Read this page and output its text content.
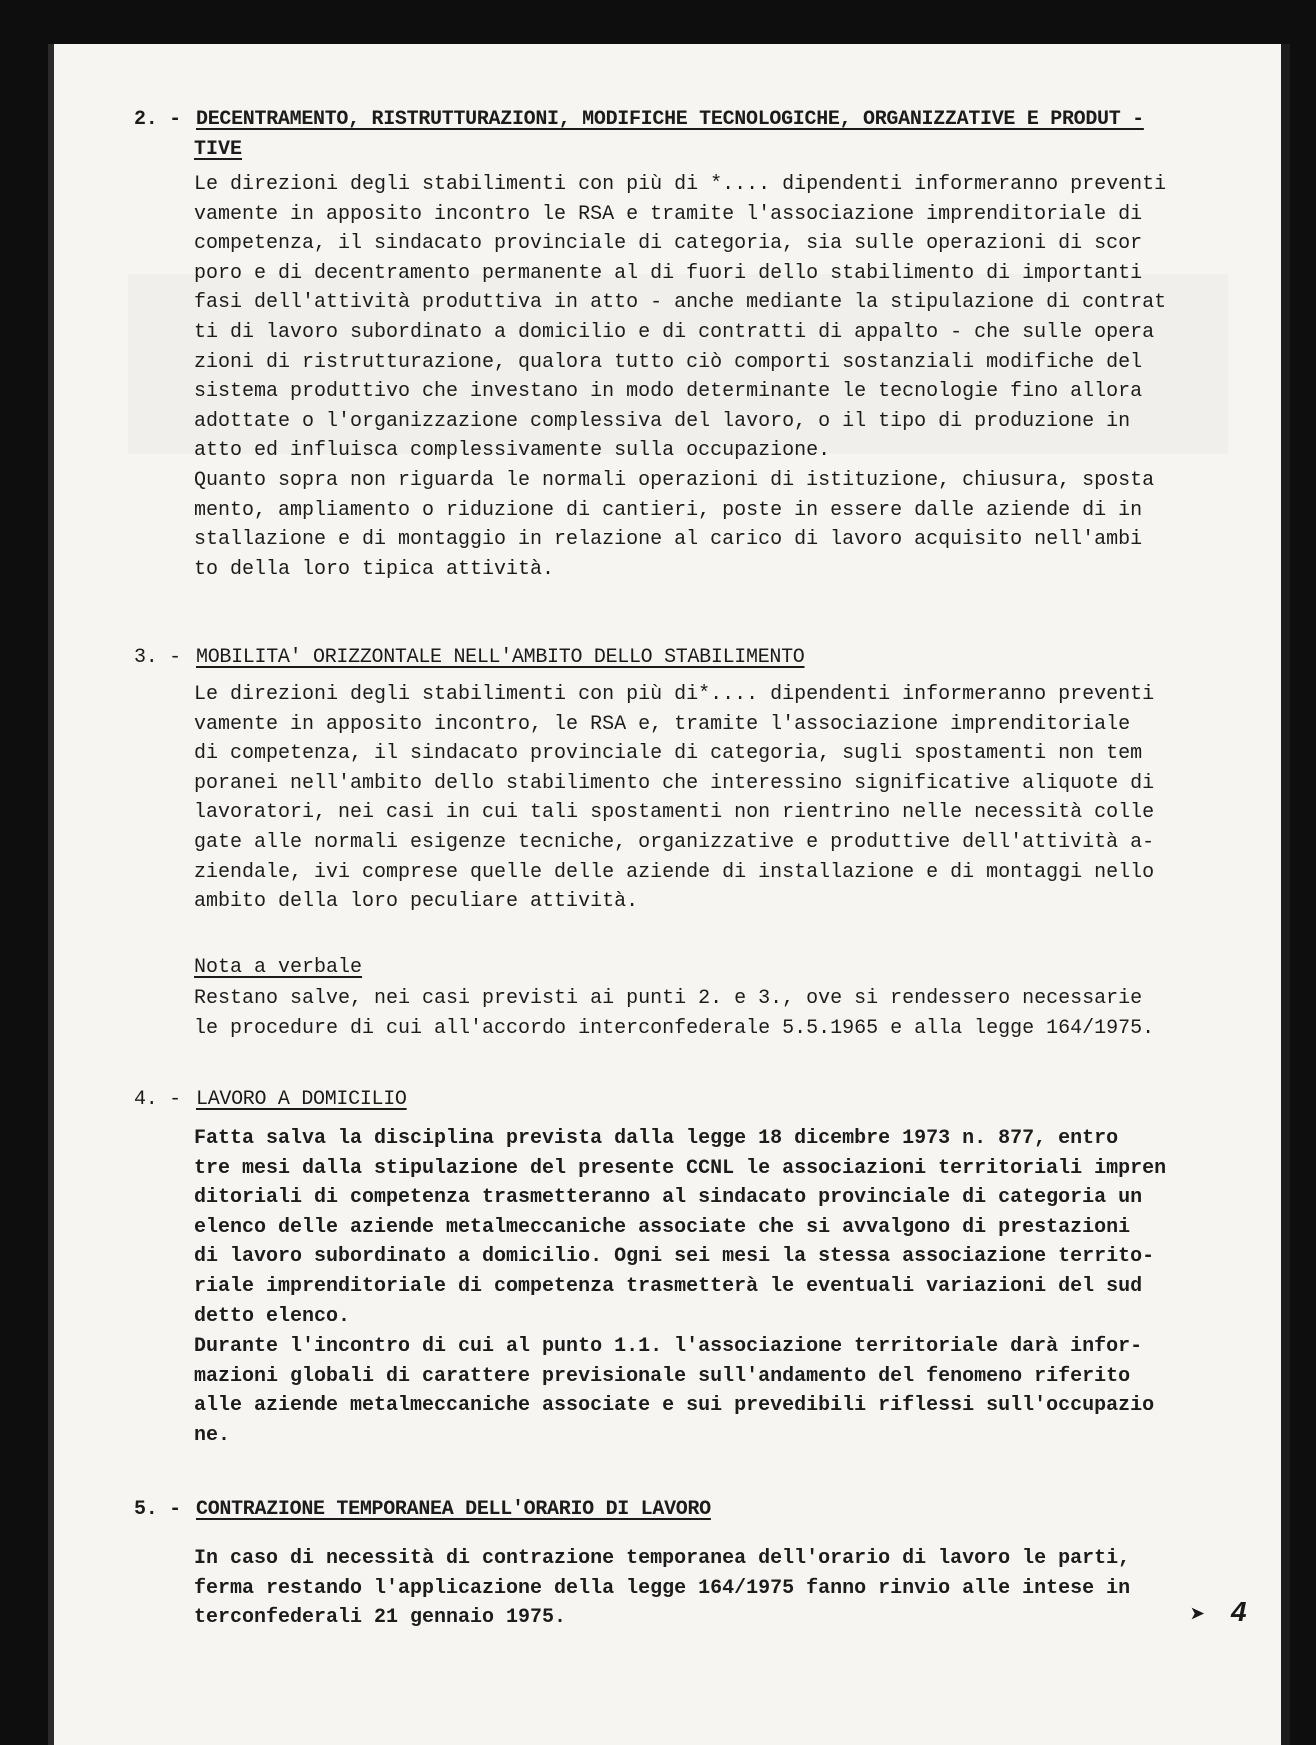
2. - DECENTRAMENTO, RISTRUTTURAZIONI, MODIFICHE TECNOLOGICHE, ORGANIZZATIVE E PRODUT -
TIVE
Le direzioni degli stabilimenti con più di *.... dipendenti informeranno preventi
vamente in apposito incontro le RSA e tramite l'associazione imprenditoriale di
competenza, il sindacato provinciale di categoria, sia sulle operazioni di scor
poro e di decentramento permanente al di fuori dello stabilimento di importanti
fasi dell'attività produttiva in atto - anche mediante la stipulazione di contrat
ti di lavoro subordinato a domicilio e di contratti di appalto - che sulle opera
zioni di ristrutturazione, qualora tutto ciò comporti sostanziali modifiche del
sistema produttivo che investano in modo determinante le tecnologie fino allora
adottate o l'organizzazione complessiva del lavoro, o il tipo di produzione in
atto ed influisca complessivamente sulla occupazione.
Quanto sopra non riguarda le normali operazioni di istituzione, chiusura, sposta
mento, ampliamento o riduzione di cantieri, poste in essere dalle aziende di in
stallazione e di montaggio in relazione al carico di lavoro acquisito nell'ambi
to della loro tipica attività.
3. - MOBILITA' ORIZZONTALE NELL'AMBITO DELLO STABILIMENTO
Le direzioni degli stabilimenti con più di*.... dipendenti informeranno preventi
vamente in apposito incontro, le RSA e, tramite l'associazione imprenditoriale
di competenza, il sindacato provinciale di categoria, sugli spostamenti non tem
poranei nell'ambito dello stabilimento che interessino significative aliquote di
lavoratori, nei casi in cui tali spostamenti non rientrino nelle necessità colle
gate alle normali esigenze tecniche, organizzative e produttive dell'attività a-
ziendale, ivi comprese quelle delle aziende di installazione e di montaggi nello
ambito della loro peculiare attività.
Nota a verbale
Restano salve, nei casi previsti ai punti 2. e 3., ove si rendessero necessarie
le procedure di cui all'accordo interconfederale 5.5.1965 e alla legge 164/1975.
4. - LAVORO A DOMICILIO
Fatta salva la disciplina prevista dalla legge 18 dicembre 1973 n. 877, entro
tre mesi dalla stipulazione del presente CCNL le associazioni territoriali impren
ditoriali di competenza trasmetteranno al sindacato provinciale di categoria un
elenco delle aziende metalmeccaniche associate che si avvalgono di prestazioni
di lavoro subordinato a domicilio. Ogni sei mesi la stessa associazione territo-
riale imprenditoriale di competenza trasmetterà le eventuali variazioni del sud
detto elenco.
Durante l'incontro di cui al punto 1.1. l'associazione territoriale darà infor-
mazioni globali di carattere previsionale sull'andamento del fenomeno riferito
alle aziende metalmeccaniche associate e sui prevedibili riflessi sull'occupazio
ne.
5. - CONTRAZIONE TEMPORANEA DELL'ORARIO DI LAVORO
In caso di necessità di contrazione temporanea dell'orario di lavoro le parti,
ferma restando l'applicazione della legge 164/1975 fanno rinvio alle intese in
terconfederali 21 gennaio 1975.	➤ 4
